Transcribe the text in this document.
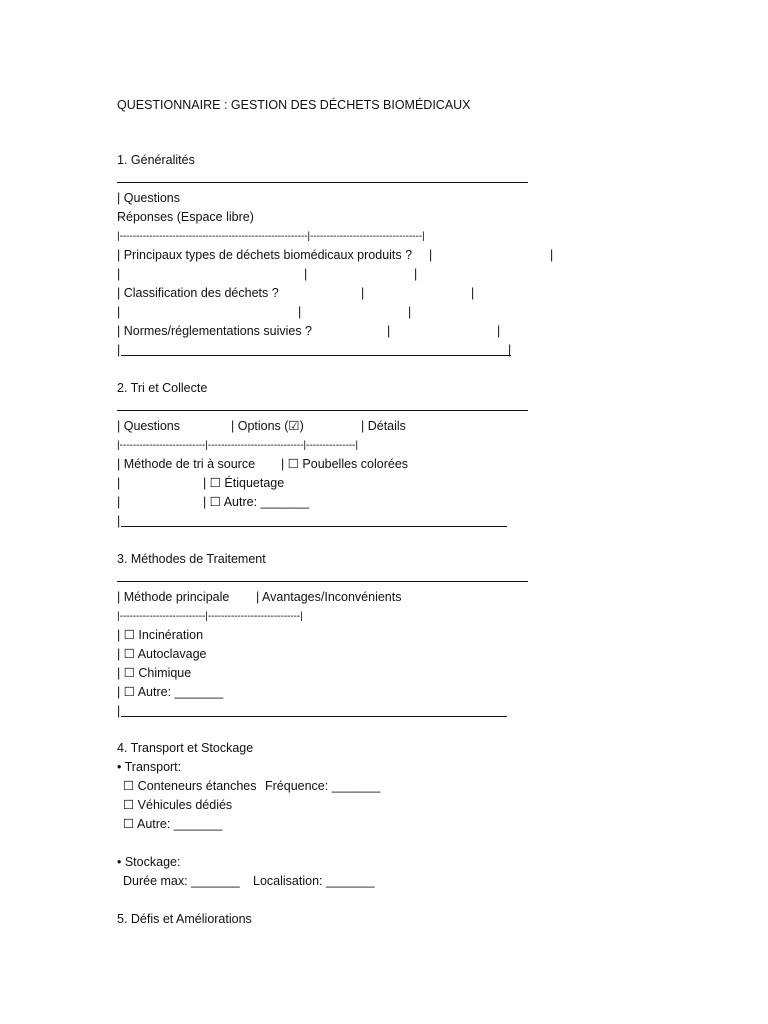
QUESTIONNAIRE : GESTION DES DÉCHETS BIOMÉDICAUX
1. Généralités
| Questions
Réponses (Espace libre)
|---------------------------------------------------------|----------------------------------|
| Principaux types de déchets biomédicaux produits ? |	|
|	|	|
| Classification des déchets ?	|	|
|	|	|
| Normes/réglementations suivies ?	|	|
|	|
2. Tri et Collecte
| Questions	| Options (☑)	| Détails
|--------------------------|-----------------------------|---------------|
| Méthode de tri à source | ☐ Poubelles colorées
|	| ☐ Étiquetage
|	| ☐ Autre: _______
|
3. Méthodes de Traitement
| Méthode principale | Avantages/Inconvénients
|--------------------------|----------------------------|
| ☐ Incinération
| ☐ Autoclavage
| ☐ Chimique
| ☐ Autre: _______
|
4. Transport et Stockage
• Transport:
☐ Conteneurs étanches Fréquence: _______
☐ Véhicules dédiés
☐ Autre: _______
• Stockage:
Durée max: _______ Localisation: _______
5. Défis et Améliorations
